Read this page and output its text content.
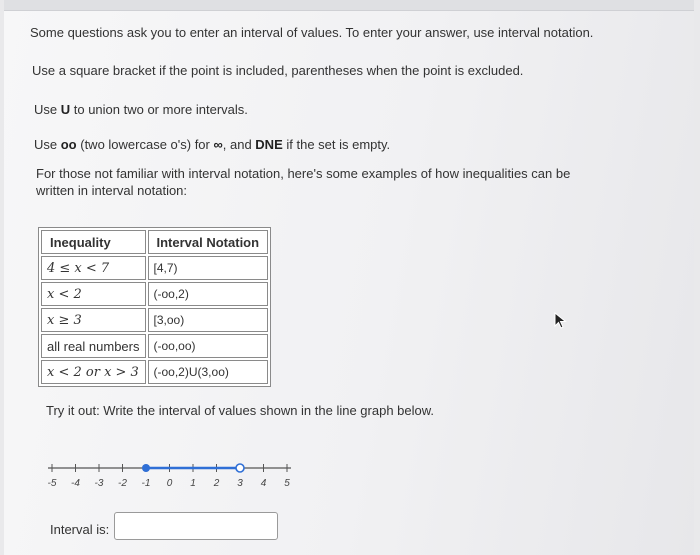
Some questions ask you to enter an interval of values. To enter your answer, use interval notation.
Use a square bracket if the point is included, parentheses when the point is excluded.
Use U to union two or more intervals.
Use oo (two lowercase o's) for ∞, and DNE if the set is empty.
For those not familiar with interval notation, here's some examples of how inequalities can be written in interval notation:
Inequality	Interval Notation
4 ≤ x < 7	[4,7)
x < 2	(-oo,2)
x ≥ 3	[3,oo)
all real numbers	(-oo,oo)
x < 2 or x > 3	(-oo,2)U(3,oo)
Try it out: Write the interval of values shown in the line graph below.
-5 -4 -3 -2 -1 0 1 2 3 4 5
Interval is:
